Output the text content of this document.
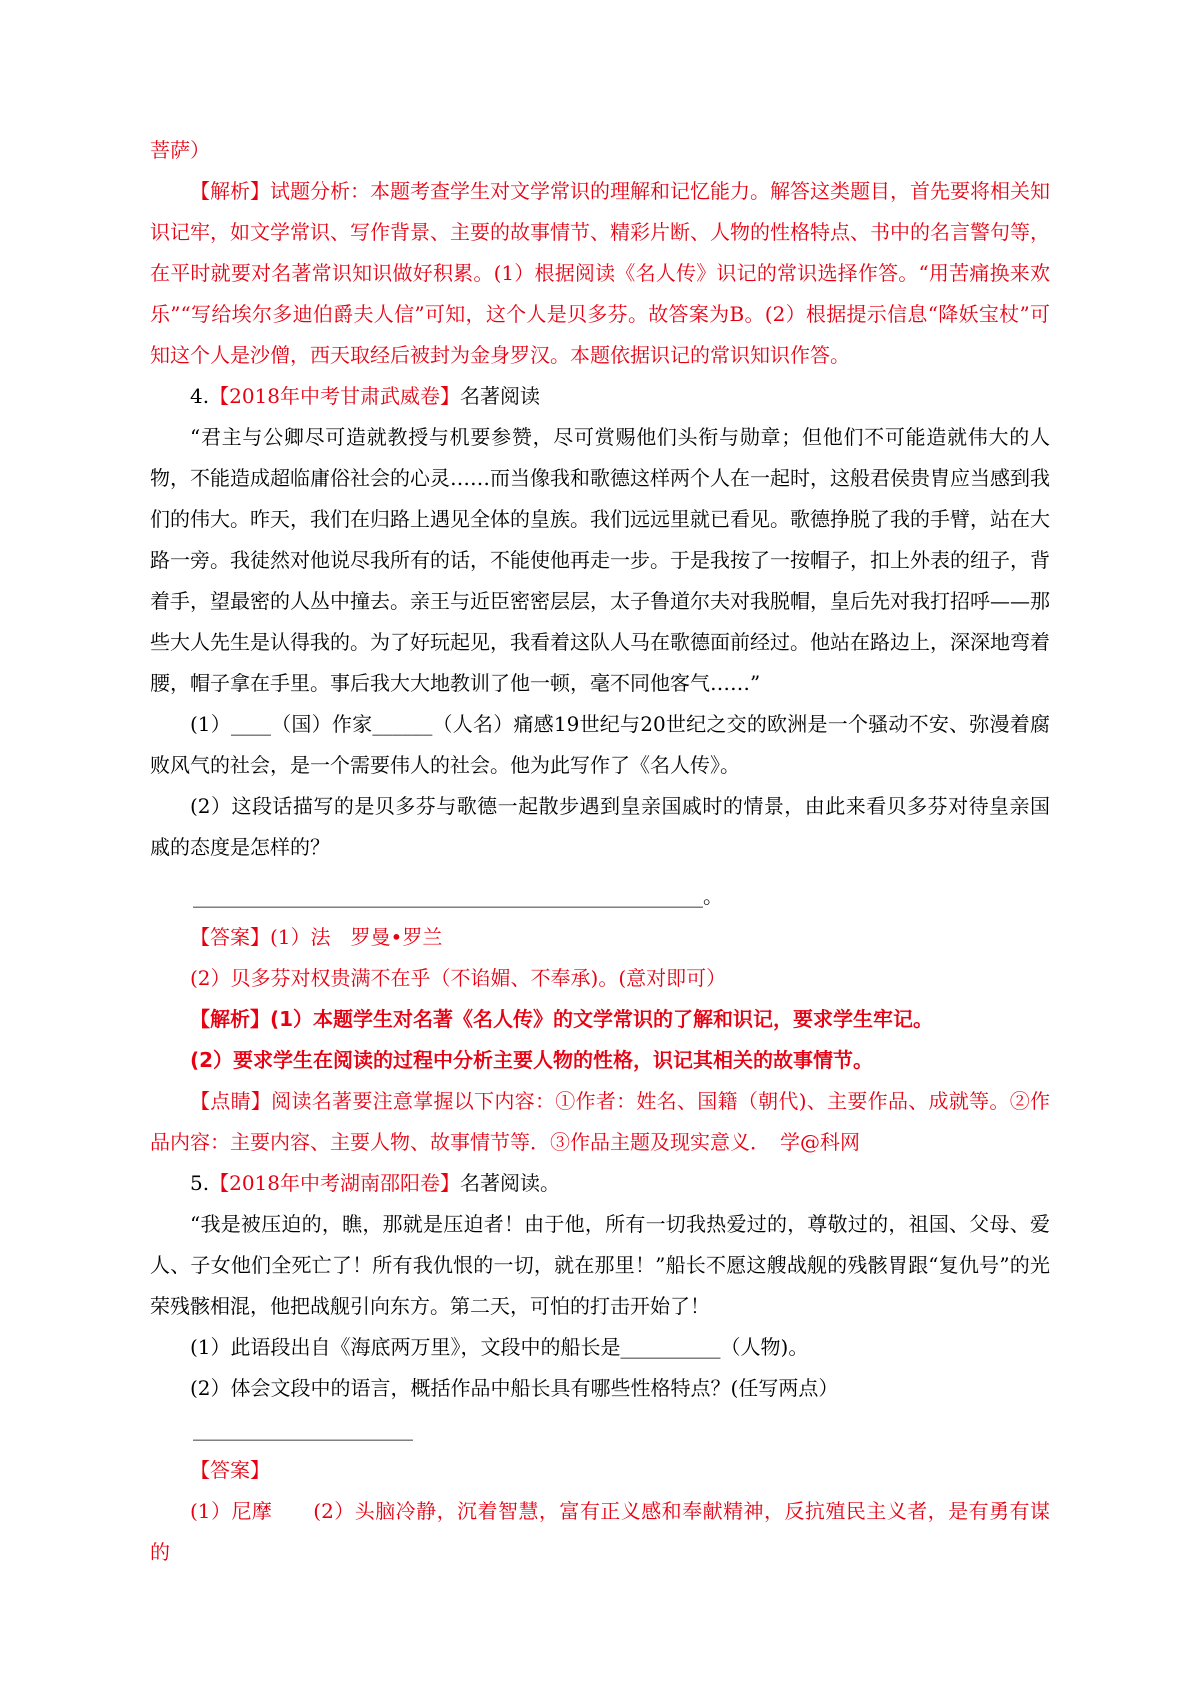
菩萨）

【解析】试题分析：本题考查学生对文学常识的理解和记忆能力。解答这类题目，首先要将相关知识记牢，如文学常识、写作背景、主要的故事情节、精彩片断、人物的性格特点、书中的名言警句等，在平时就要对名著常识知识做好积累。(1）根据阅读《名人传》识记的常识选择作答。“用苦痛换来欢乐”“写给埃尔多迪伯爵夫人信”可知，这个人是贝多芬。故答案为B。(2）根据提示信息“降妖宝杖”可知这个人是沙僧，西天取经后被封为金身罗汉。本题依据识记的常识知识作答。

4.【2018年中考甘肃武威卷】名著阅读

“君主与公卿尽可造就教授与机要参赞，尽可赏赐他们头衔与勋章；但他们不可能造就伟大的人物，不能造成超临庸俗社会的心灵……而当像我和歌德这样两个人在一起时，这般君侯贵胄应当感到我们的伟大。昨天，我们在归路上遇见全体的皇族。我们远远里就已看见。歌德挣脱了我的手臂，站在大路一旁。我徒然对他说尽我所有的话，不能使他再走一步。于是我按了一按帽子，扣上外表的纽子，背着手，望最密的人丛中撞去。亲王与近臣密密层层，太子鲁道尔夫对我脱帽，皇后先对我打招呼——那些大人先生是认得我的。为了好玩起见，我看着这队人马在歌德面前经过。他站在路边上，深深地弯着腰，帽子拿在手里。事后我大大地教训了他一顿，毫不同他客气……”

(1）____（国）作家______（人名）痛感19世纪与20世纪之交的欧洲是一个骚动不安、弥漫着腐败风气的社会，是一个需要伟人的社会。他为此写作了《名人传》。

(2）这段话描写的是贝多芬与歌德一起散步遇到皇亲国戚时的情景，由此来看贝多芬对待皇亲国戚的态度是怎样的？

___________________________________________________。

【答案】(1）法　罗曼•罗兰

(2）贝多芬对权贵满不在乎（不谄媚、不奉承)。(意对即可）

【解析】(1）本题学生对名著《名人传》的文学常识的了解和识记，要求学生牢记。

(2）要求学生在阅读的过程中分析主要人物的性格，识记其相关的故事情节。

【点睛】阅读名著要注意掌握以下内容：①作者：姓名、国籍（朝代)、主要作品、成就等。②作品内容：主要内容、主要人物、故事情节等．③作品主题及现实意义．　学@科网

5.【2018年中考湖南邵阳卷】名著阅读。

“我是被压迫的，瞧，那就是压迫者！由于他，所有一切我热爱过的，尊敬过的，祖国、父母、爱人、子女他们全死亡了！所有我仇恨的一切，就在那里！”船长不愿这艘战舰的残骸胃跟“复仇号”的光荣残骸相混，他把战舰引向东方。第二天，可怕的打击开始了！

(1）此语段出自《海底两万里》，文段中的船长是__________（人物)。

(2）体会文段中的语言，概括作品中船长具有哪些性格特点？(任写两点）

______________________

【答案】

(1）尼摩　　(2）头脑冷静，沉着智慧，富有正义感和奉献精神，反抗殖民主义者，是有勇有谋的
